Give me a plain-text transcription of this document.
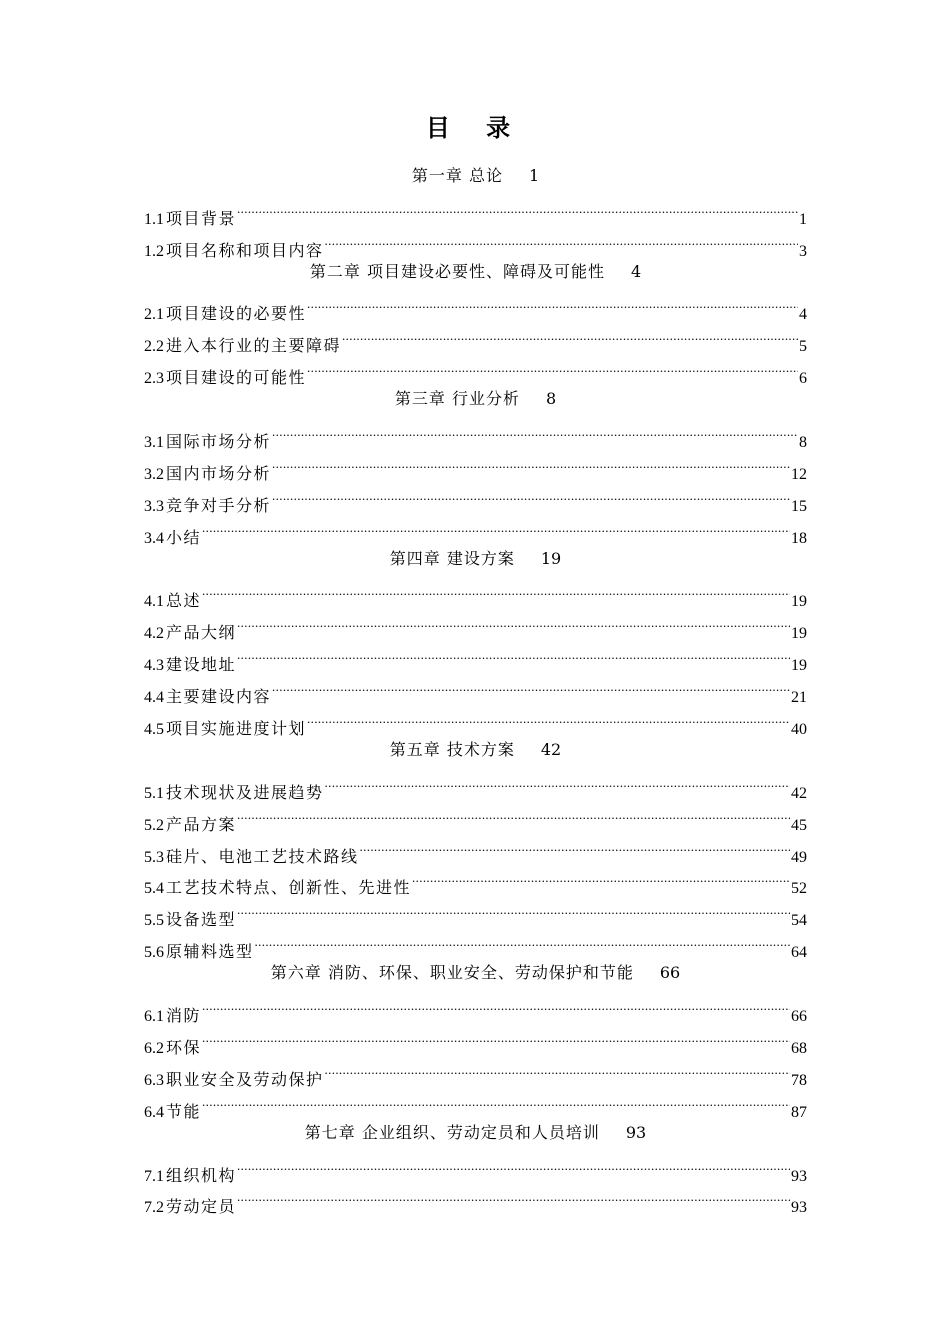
目 录
第一章 总论 1
1.1 项目背景 .....	1
1.2 项目名称和项目内容 .....	3
第二章 项目建设必要性、障碍及可能性 4
2.1 项目建设的必要性 .....	4
2.2 进入本行业的主要障碍 .....	5
2.3 项目建设的可能性 .....	6
第三章 行业分析 8
3.1 国际市场分析 .....	8
3.2 国内市场分析 .....	12
3.3 竞争对手分析 .....	15
3.4 小结 .....	18
第四章 建设方案 19
4.1 总述 .....	19
4.2 产品大纲 .....	19
4.3 建设地址 .....	19
4.4 主要建设内容 .....	21
4.5 项目实施进度计划 .....	40
第五章 技术方案 42
5.1 技术现状及进展趋势 .....	42
5.2 产品方案 .....	45
5.3 硅片、电池工艺技术路线 .....	49
5.4 工艺技术特点、创新性、先进性 .....	52
5.5 设备选型 .....	54
5.6 原辅料选型 .....	64
第六章 消防、环保、职业安全、劳动保护和节能 66
6.1 消防 .....	66
6.2 环保 .....	68
6.3 职业安全及劳动保护 .....	78
6.4 节能 .....	87
第七章 企业组织、劳动定员和人员培训 93
7.1 组织机构 .....	93
7.2 劳动定员 .....	93
